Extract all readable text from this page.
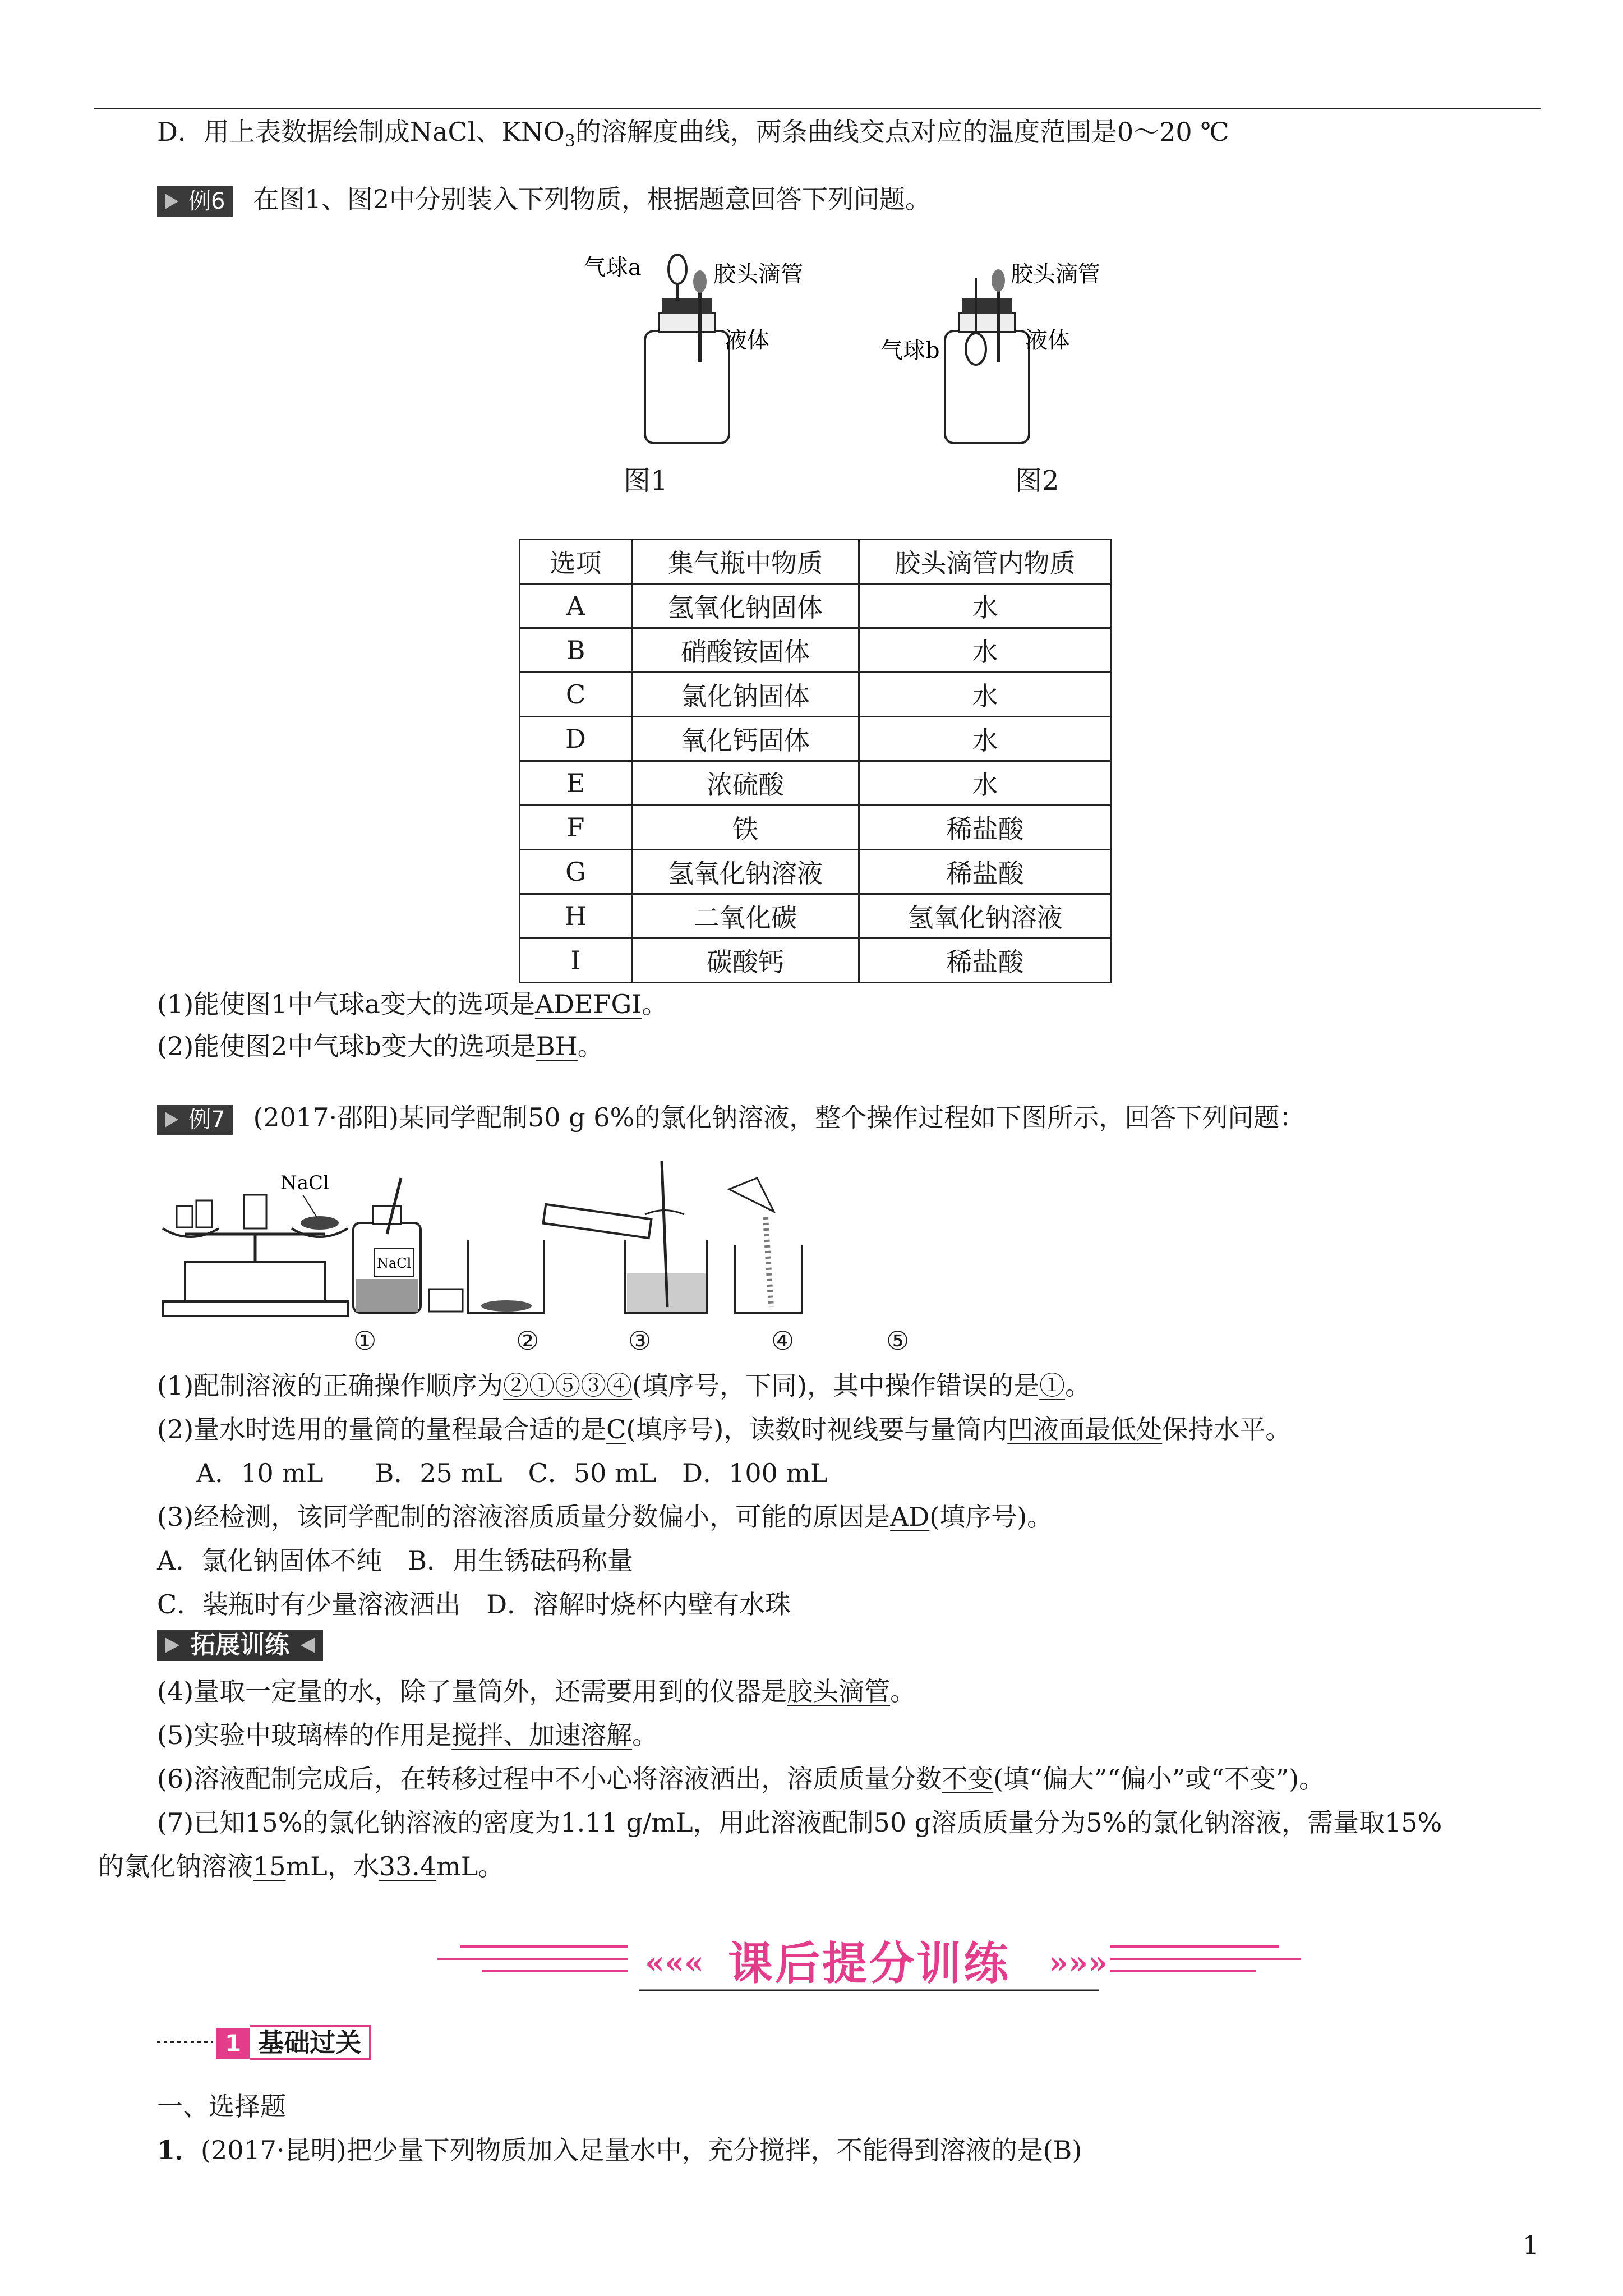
D．用上表数据绘制成NaCl、$KNO_3$的溶解度曲线，两条曲线交点对应的温度范围是0～20 ℃
例6 在图1、图2中分别装入下列物质，根据题意回答下列问题。
气球a	胶头滴管
液体
图1
气球b
胶头滴管
液体
图2
选项	集气瓶中物质	胶头滴管内物质
A	氢氧化钠固体	水
B	硝酸铵固体	水
C	氯化钠固体	水
D	氧化钙固体	水
E	浓硫酸	水
F	铁	稀盐酸
G	氢氧化钠溶液	稀盐酸
H	二氧化碳	氢氧化钠溶液
I	碳酸钙	稀盐酸
(1)能使图1中气球a变大的选项是ADEFGI。
(2)能使图2中气球b变大的选项是BH。
例7 (2017·邵阳)某同学配制50 g 6%的氯化钠溶液，整个操作过程如下图所示，回答下列问题：
NaCl
NaCl
①	②	③	④	⑤
(1)配制溶液的正确操作顺序为②①⑤③④(填序号，下同)，其中操作错误的是①。
(2)量水时选用的量筒的量程最合适的是C(填序号)，读数时视线要与量筒内凹液面最低处保持水平。
A．10 mL　　B．25 mL　C．50 mL　D．100 mL
(3)经检测，该同学配制的溶液溶质质量分数偏小，可能的原因是AD(填序号)。
A．氯化钠固体不纯　B．用生锈砝码称量
C．装瓶时有少量溶液洒出　D．溶解时烧杯内壁有水珠
拓展训练
(4)量取一定量的水，除了量筒外，还需要用到的仪器是胶头滴管。
(5)实验中玻璃棒的作用是搅拌、加速溶解。
(6)溶液配制完成后，在转移过程中不小心将溶液洒出，溶质质量分数不变(填“偏大”“偏小”或“不变”)。
(7)已知15%的氯化钠溶液的密度为1.11 g/mL，用此溶液配制50 g溶质质量分为5%的氯化钠溶液，需量取15%
的氯化钠溶液15mL，水33.4mL。
«««	»»»
课后提分训练
1 基础过关
一、选择题
1．(2017·昆明)把少量下列物质加入足量水中，充分搅拌，不能得到溶液的是(B)
1
